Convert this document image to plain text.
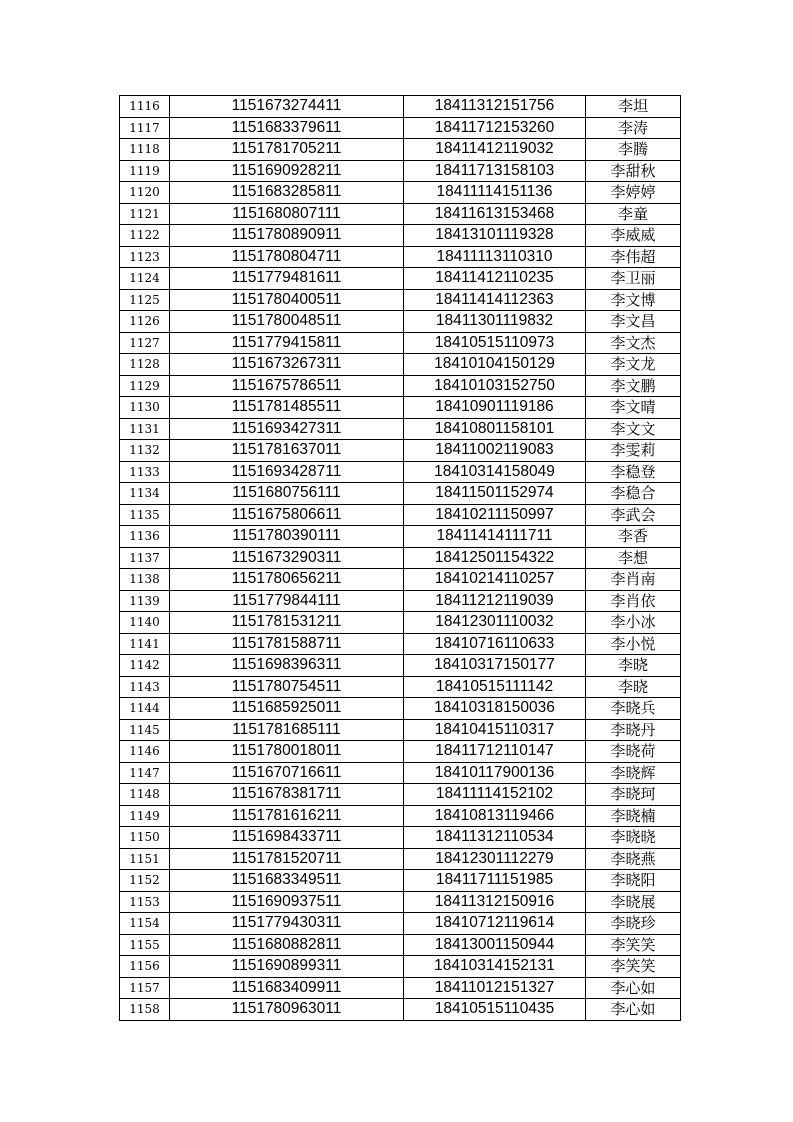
1116	1151673274411	18411312151756	李坦
1117	1151683379611	18411712153260	李涛
1118	1151781705211	18411412119032	李腾
1119	1151690928211	18411713158103	李甜秋
1120	1151683285811	18411114151136	李婷婷
1121	1151680807111	18411613153468	李童
1122	1151780890911	18413101119328	李威威
1123	1151780804711	18411113110310	李伟超
1124	1151779481611	18411412110235	李卫丽
1125	1151780400511	18411414112363	李文博
1126	1151780048511	18411301119832	李文昌
1127	1151779415811	18410515110973	李文杰
1128	1151673267311	18410104150129	李文龙
1129	1151675786511	18410103152750	李文鹏
1130	1151781485511	18410901119186	李文晴
1131	1151693427311	18410801158101	李文文
1132	1151781637011	18411002119083	李雯莉
1133	1151693428711	18410314158049	李稳登
1134	1151680756111	18411501152974	李稳合
1135	1151675806611	18410211150997	李武会
1136	1151780390111	18411414111711	李香
1137	1151673290311	18412501154322	李想
1138	1151780656211	18410214110257	李肖南
1139	1151779844111	18411212119039	李肖依
1140	1151781531211	18412301110032	李小冰
1141	1151781588711	18410716110633	李小悦
1142	1151698396311	18410317150177	李晓
1143	1151780754511	18410515111142	李晓
1144	1151685925011	18410318150036	李晓兵
1145	1151781685111	18410415110317	李晓丹
1146	1151780018011	18411712110147	李晓荷
1147	1151670716611	18410117900136	李晓辉
1148	1151678381711	18411114152102	李晓珂
1149	1151781616211	18410813119466	李晓楠
1150	1151698433711	18411312110534	李晓晓
1151	1151781520711	18412301112279	李晓燕
1152	1151683349511	18411711151985	李晓阳
1153	1151690937511	18411312150916	李晓展
1154	1151779430311	18410712119614	李晓珍
1155	1151680882811	18413001150944	李笑笑
1156	1151690899311	18410314152131	李笑笑
1157	1151683409911	18411012151327	李心如
1158	1151780963011	18410515110435	李心如
